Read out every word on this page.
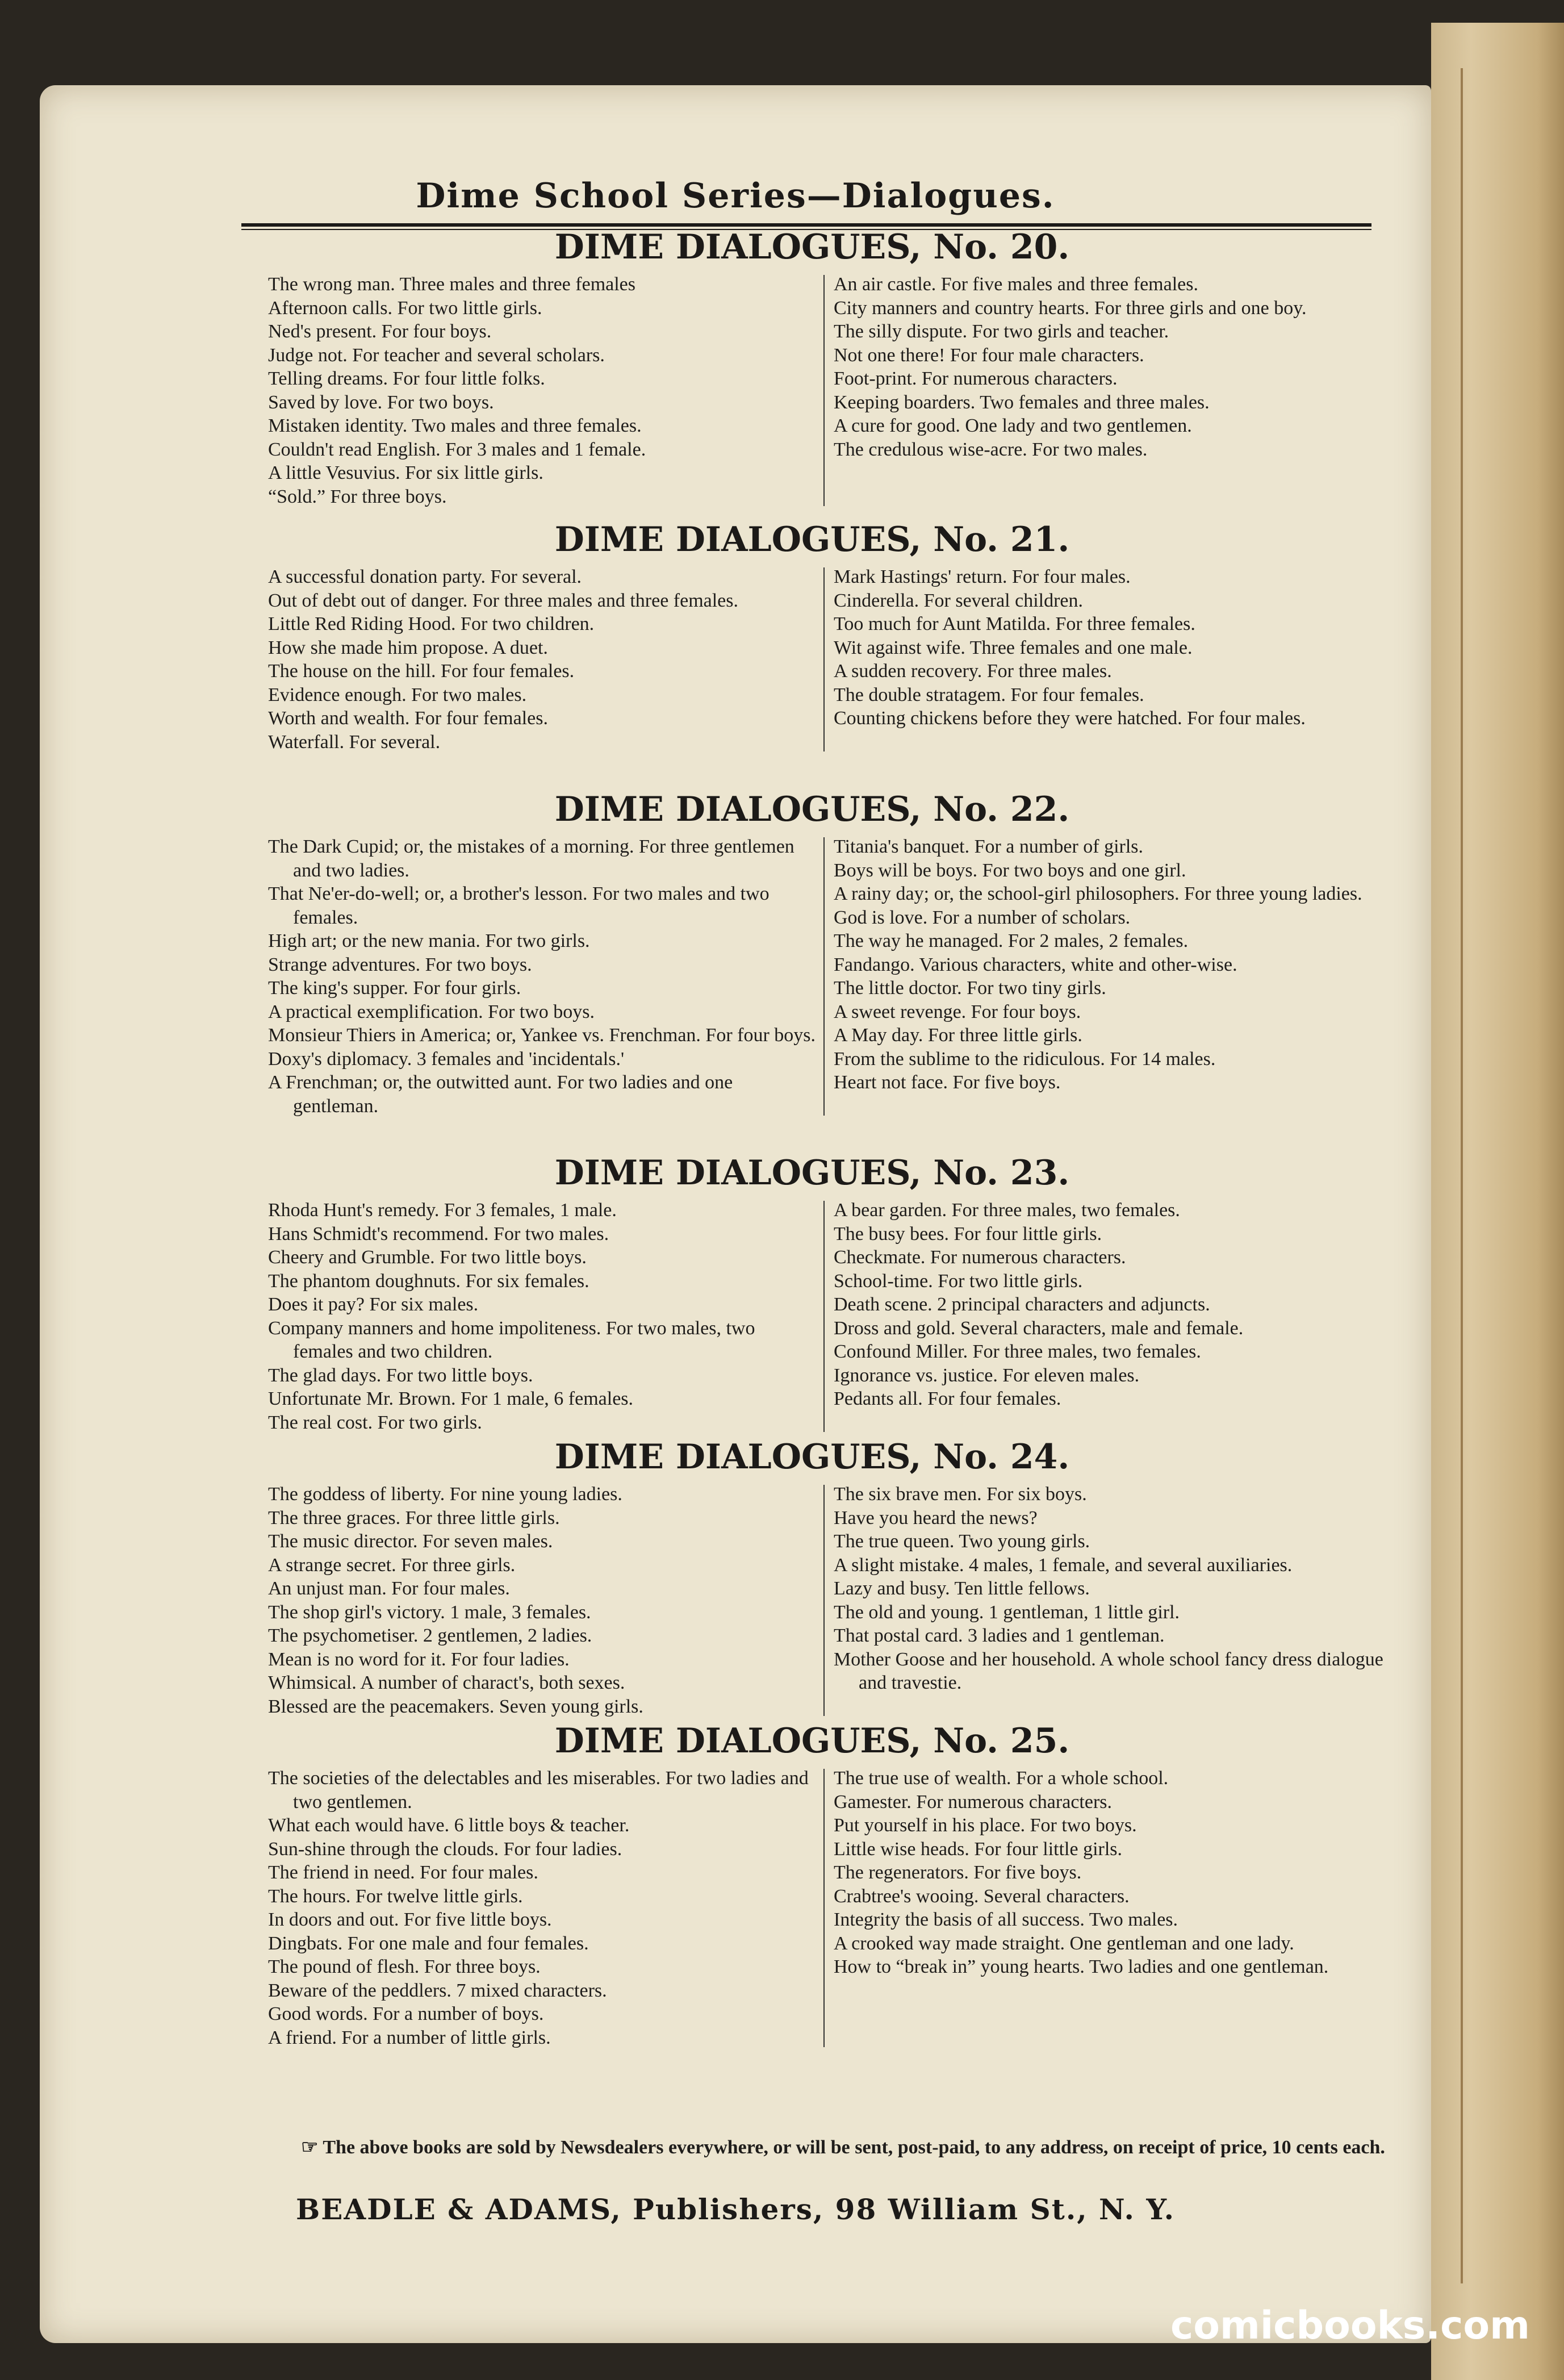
Dime School Series—Dialogues.
DIME DIALOGUES, No. 20.
The wrong man. Three males and three females
Afternoon calls. For two little girls.
Ned's present. For four boys.
Judge not. For teacher and several scholars.
Telling dreams. For four little folks.
Saved by love. For two boys.
Mistaken identity. Two males and three females.
Couldn't read English. For 3 males and 1 female.
A little Vesuvius. For six little girls.
“Sold.” For three boys.
An air castle. For five males and three females.
City manners and country hearts. For three girls and one boy.
The silly dispute. For two girls and teacher.
Not one there! For four male characters.
Foot-print. For numerous characters.
Keeping boarders. Two females and three males.
A cure for good. One lady and two gentlemen.
The credulous wise-acre. For two males.
DIME DIALOGUES, No. 21.
A successful donation party. For several.
Out of debt out of danger. For three males and three females.
Little Red Riding Hood. For two children.
How she made him propose. A duet.
The house on the hill. For four females.
Evidence enough. For two males.
Worth and wealth. For four females.
Waterfall. For several.
Mark Hastings' return. For four males.
Cinderella. For several children.
Too much for Aunt Matilda. For three females.
Wit against wife. Three females and one male.
A sudden recovery. For three males.
The double stratagem. For four females.
Counting chickens before they were hatched. For four males.
DIME DIALOGUES, No. 22.
The Dark Cupid; or, the mistakes of a morning. For three gentlemen and two ladies.
That Ne'er-do-well; or, a brother's lesson. For two males and two females.
High art; or the new mania. For two girls.
Strange adventures. For two boys.
The king's supper. For four girls.
A practical exemplification. For two boys.
Monsieur Thiers in America; or, Yankee vs. Frenchman. For four boys.
Doxy's diplomacy. 3 females and 'incidentals.'
A Frenchman; or, the outwitted aunt. For two ladies and one gentleman.
Titania's banquet. For a number of girls.
Boys will be boys. For two boys and one girl.
A rainy day; or, the school-girl philosophers. For three young ladies.
God is love. For a number of scholars.
The way he managed. For 2 males, 2 females.
Fandango. Various characters, white and other-wise.
The little doctor. For two tiny girls.
A sweet revenge. For four boys.
A May day. For three little girls.
From the sublime to the ridiculous. For 14 males.
Heart not face. For five boys.
DIME DIALOGUES, No. 23.
Rhoda Hunt's remedy. For 3 females, 1 male.
Hans Schmidt's recommend. For two males.
Cheery and Grumble. For two little boys.
The phantom doughnuts. For six females.
Does it pay? For six males.
Company manners and home impoliteness. For two males, two females and two children.
The glad days. For two little boys.
Unfortunate Mr. Brown. For 1 male, 6 females.
The real cost. For two girls.
A bear garden. For three males, two females.
The busy bees. For four little girls.
Checkmate. For numerous characters.
School-time. For two little girls.
Death scene. 2 principal characters and adjuncts.
Dross and gold. Several characters, male and female.
Confound Miller. For three males, two females.
Ignorance vs. justice. For eleven males.
Pedants all. For four females.
DIME DIALOGUES, No. 24.
The goddess of liberty. For nine young ladies.
The three graces. For three little girls.
The music director. For seven males.
A strange secret. For three girls.
An unjust man. For four males.
The shop girl's victory. 1 male, 3 females.
The psychometiser. 2 gentlemen, 2 ladies.
Mean is no word for it. For four ladies.
Whimsical. A number of charact's, both sexes.
Blessed are the peacemakers. Seven young girls.
The six brave men. For six boys.
Have you heard the news?
The true queen. Two young girls.
A slight mistake. 4 males, 1 female, and several auxiliaries.
Lazy and busy. Ten little fellows.
The old and young. 1 gentleman, 1 little girl.
That postal card. 3 ladies and 1 gentleman.
Mother Goose and her household. A whole school fancy dress dialogue and travestie.
DIME DIALOGUES, No. 25.
The societies of the delectables and les miserables. For two ladies and two gentlemen.
What each would have. 6 little boys & teacher.
Sun-shine through the clouds. For four ladies.
The friend in need. For four males.
The hours. For twelve little girls.
In doors and out. For five little boys.
Dingbats. For one male and four females.
The pound of flesh. For three boys.
Beware of the peddlers. 7 mixed characters.
Good words. For a number of boys.
A friend. For a number of little girls.
The true use of wealth. For a whole school.
Gamester. For numerous characters.
Put yourself in his place. For two boys.
Little wise heads. For four little girls.
The regenerators. For five boys.
Crabtree's wooing. Several characters.
Integrity the basis of all success. Two males.
A crooked way made straight. One gentleman and one lady.
How to “break in” young hearts. Two ladies and one gentleman.
☞ The above books are sold by Newsdealers everywhere, or will be sent, post-paid, to any address, on receipt of price, 10 cents each.
BEADLE & ADAMS, Publishers, 98 William St., N. Y.
comicbooks.com
